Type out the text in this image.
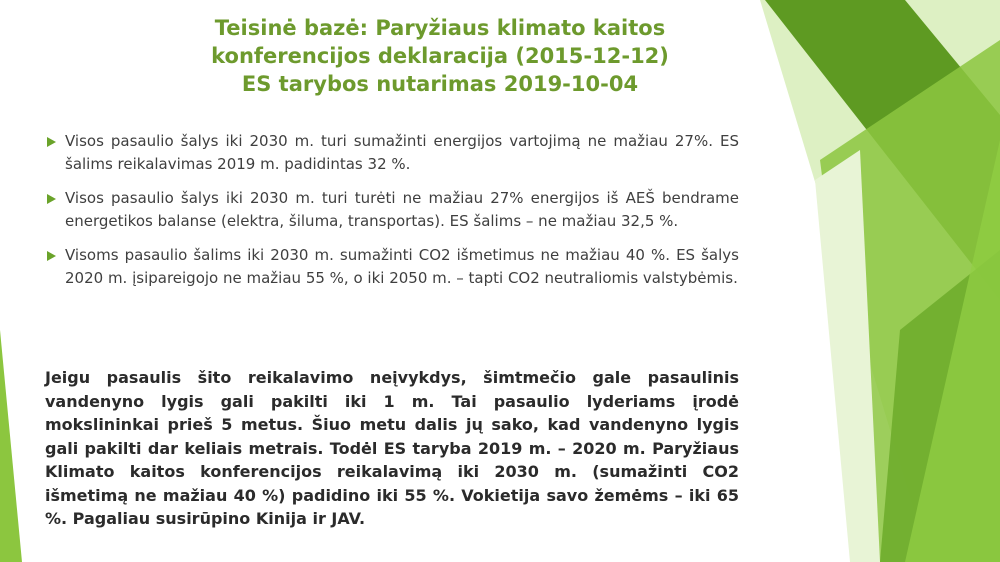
Teisinė bazė: Paryžiaus klimato kaitos
konferencijos deklaracija (2015-12-12)
ES tarybos nutarimas 2019-10-04
Visos pasaulio šalys iki 2030 m. turi sumažinti energijos vartojimą ne mažiau 27%. ES šalims reikalavimas 2019 m. padidintas 32 %.
Visos pasaulio šalys iki 2030 m. turi turėti ne mažiau 27% energijos iš AEŠ bendrame energetikos balanse (elektra, šiluma, transportas). ES šalims – ne mažiau 32,5 %.
Visoms pasaulio šalims iki 2030 m. sumažinti CO2 išmetimus ne mažiau 40 %. ES šalys 2020 m. įsipareigojo ne mažiau 55 %, o iki 2050 m. – tapti CO2 neutraliomis valstybėmis.

Jeigu pasaulis šito reikalavimo neįvykdys, šimtmečio gale pasaulinis vandenyno lygis gali pakilti iki 1 m. Tai pasaulio lyderiams įrodė mokslininkai prieš 5 metus. Šiuo metu dalis jų sako, kad vandenyno lygis gali pakilti dar keliais metrais. Todėl ES taryba 2019 m. – 2020 m. Paryžiaus Klimato kaitos konferencijos reikalavimą iki 2030 m. (sumažinti CO2 išmetimą ne mažiau 40 %) padidino iki 55 %. Vokietija savo žemėms – iki 65 %. Pagaliau susirūpino Kinija ir JAV.
